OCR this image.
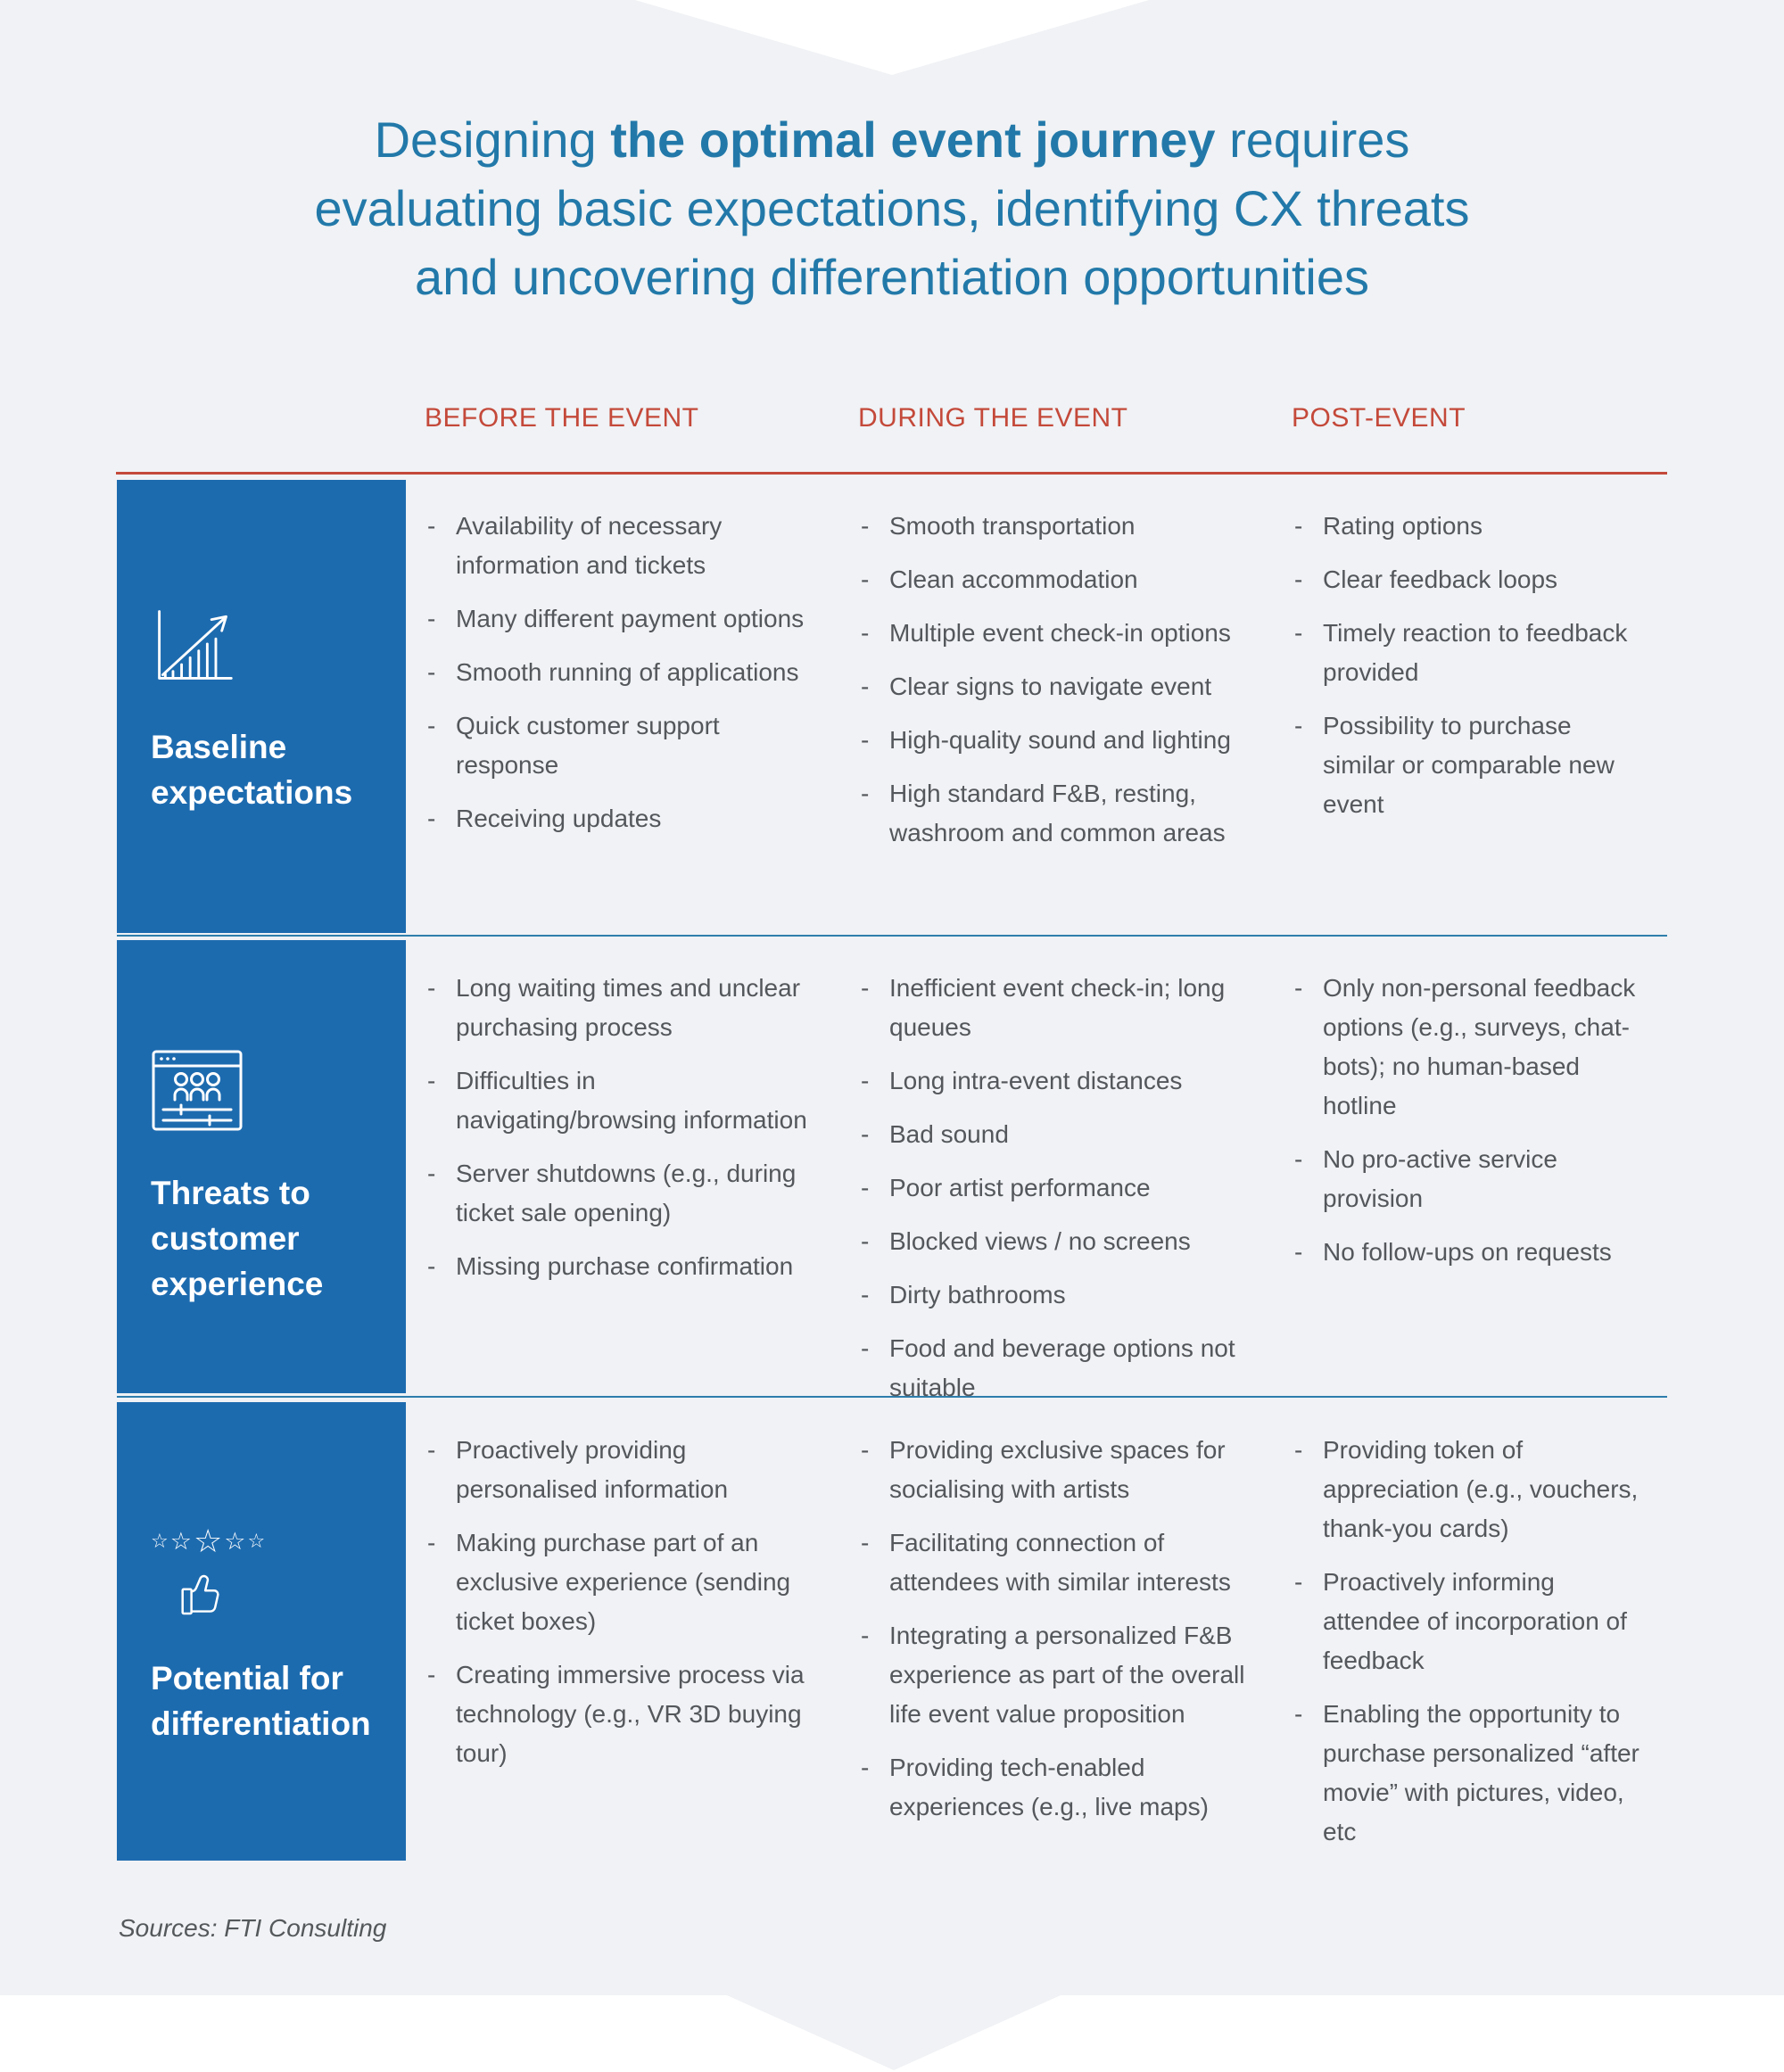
Designing the optimal event journey requires
evaluating basic expectations, identifying CX threats
and uncovering differentiation opportunities
BEFORE THE EVENT	DURING THE EVENT	POST-EVENT
Baseline expectations
Threats to customer experience
☆ ☆ ☆ ☆ ☆
Potential for differentiation
- Availability of necessary information and tickets
- Many different payment options
- Smooth running of applications
- Quick customer support response
- Receiving updates
- Smooth transportation
- Clean accommodation
- Multiple event check-in options
- Clear signs to navigate event
- High-quality sound and lighting
- High standard F&B, resting, washroom and common areas
- Rating options
- Clear feedback loops
- Timely reaction to feedback provided
- Possibility to purchase similar or comparable new event
- Long waiting times and unclear purchasing process
- Difficulties in navigating/browsing information
- Server shutdowns (e.g., during ticket sale opening)
- Missing purchase confirmation
- Inefficient event check-in; long queues
- Long intra-event distances
- Bad sound
- Poor artist performance
- Blocked views / no screens
- Dirty bathrooms
- Food and beverage options not suitable
- Only non-personal feedback options (e.g., surveys, chat-bots); no human-based hotline
- No pro-active service provision
- No follow-ups on requests
- Proactively providing personalised information
- Making purchase part of an exclusive experience (sending ticket boxes)
- Creating immersive process via technology (e.g., VR 3D buying tour)
- Providing exclusive spaces for socialising with artists
- Facilitating connection of attendees with similar interests
- Integrating a personalized F&B experience as part of the overall life event value proposition
- Providing tech-enabled experiences (e.g., live maps)
- Providing token of appreciation (e.g., vouchers, thank-you cards)
- Proactively informing attendee of incorporation of feedback
- Enabling the opportunity to purchase personalized “after movie” with pictures, video, etc
Sources: FTI Consulting
